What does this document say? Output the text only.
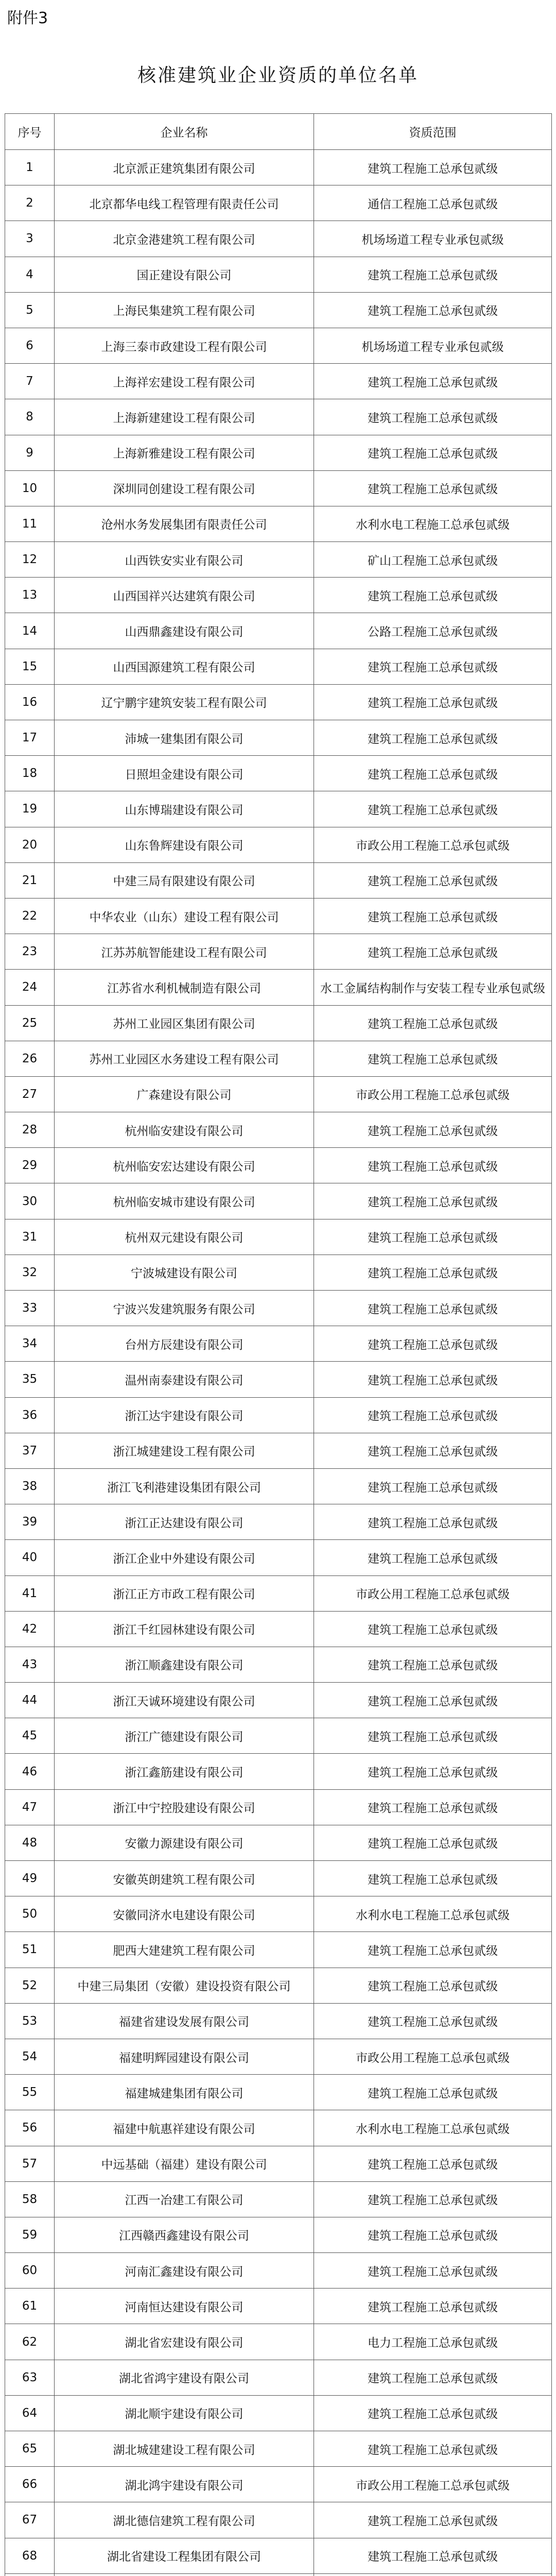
附件3
核准建筑业企业资质的单位名单
序号	企业名称	资质范围
1	北京派正建筑集团有限公司	建筑工程施工总承包贰级
2	北京都华电线工程管理有限责任公司	通信工程施工总承包贰级
3	北京金港建筑工程有限公司	机场场道工程专业承包贰级
4	国正建设有限公司	建筑工程施工总承包贰级
5	上海民集建筑工程有限公司	建筑工程施工总承包贰级
6	上海三泰市政建设工程有限公司	机场场道工程专业承包贰级
7	上海祥宏建设工程有限公司	建筑工程施工总承包贰级
8	上海新建建设工程有限公司	建筑工程施工总承包贰级
9	上海新雅建设工程有限公司	建筑工程施工总承包贰级
10	深圳同创建设工程有限公司	建筑工程施工总承包贰级
11	沧州水务发展集团有限责任公司	水利水电工程施工总承包贰级
12	山西铁安实业有限公司	矿山工程施工总承包贰级
13	山西国祥兴达建筑有限公司	建筑工程施工总承包贰级
14	山西鼎鑫建设有限公司	公路工程施工总承包贰级
15	山西国源建筑工程有限公司	建筑工程施工总承包贰级
16	辽宁鹏宇建筑安装工程有限公司	建筑工程施工总承包贰级
17	沛城一建集团有限公司	建筑工程施工总承包贰级
18	日照坦金建设有限公司	建筑工程施工总承包贰级
19	山东博瑞建设有限公司	建筑工程施工总承包贰级
20	山东鲁辉建设有限公司	市政公用工程施工总承包贰级
21	中建三局有限建设有限公司	建筑工程施工总承包贰级
22	中华农业（山东）建设工程有限公司	建筑工程施工总承包贰级
23	江苏苏航智能建设工程有限公司	建筑工程施工总承包贰级
24	江苏省水利机械制造有限公司	水工金属结构制作与安装工程专业承包贰级
25	苏州工业园区集团有限公司	建筑工程施工总承包贰级
26	苏州工业园区水务建设工程有限公司	建筑工程施工总承包贰级
27	广森建设有限公司	市政公用工程施工总承包贰级
28	杭州临安建设有限公司	建筑工程施工总承包贰级
29	杭州临安宏达建设有限公司	建筑工程施工总承包贰级
30	杭州临安城市建设有限公司	建筑工程施工总承包贰级
31	杭州双元建设有限公司	建筑工程施工总承包贰级
32	宁波城建设有限公司	建筑工程施工总承包贰级
33	宁波兴发建筑服务有限公司	建筑工程施工总承包贰级
34	台州方辰建设有限公司	建筑工程施工总承包贰级
35	温州南泰建设有限公司	建筑工程施工总承包贰级
36	浙江达宇建设有限公司	建筑工程施工总承包贰级
37	浙江城建建设工程有限公司	建筑工程施工总承包贰级
38	浙江飞利港建设集团有限公司	建筑工程施工总承包贰级
39	浙江正达建设有限公司	建筑工程施工总承包贰级
40	浙江企业中外建设有限公司	建筑工程施工总承包贰级
41	浙江正方市政工程有限公司	市政公用工程施工总承包贰级
42	浙江千红园林建设有限公司	建筑工程施工总承包贰级
43	浙江顺鑫建设有限公司	建筑工程施工总承包贰级
44	浙江天诚环境建设有限公司	建筑工程施工总承包贰级
45	浙江广德建设有限公司	建筑工程施工总承包贰级
46	浙江鑫筋建设有限公司	建筑工程施工总承包贰级
47	浙江中宁控股建设有限公司	建筑工程施工总承包贰级
48	安徽力源建设有限公司	建筑工程施工总承包贰级
49	安徽英朗建筑工程有限公司	建筑工程施工总承包贰级
50	安徽同济水电建设有限公司	水利水电工程施工总承包贰级
51	肥西大建建筑工程有限公司	建筑工程施工总承包贰级
52	中建三局集团（安徽）建设投资有限公司	建筑工程施工总承包贰级
53	福建省建设发展有限公司	建筑工程施工总承包贰级
54	福建明辉园建设有限公司	市政公用工程施工总承包贰级
55	福建城建集团有限公司	建筑工程施工总承包贰级
56	福建中航惠祥建设有限公司	水利水电工程施工总承包贰级
57	中远基础（福建）建设有限公司	建筑工程施工总承包贰级
58	江西一冶建工有限公司	建筑工程施工总承包贰级
59	江西赣西鑫建设有限公司	建筑工程施工总承包贰级
60	河南汇鑫建设有限公司	建筑工程施工总承包贰级
61	河南恒达建设有限公司	建筑工程施工总承包贰级
62	湖北省宏建设有限公司	电力工程施工总承包贰级
63	湖北省鸿宇建设有限公司	建筑工程施工总承包贰级
64	湖北顺宇建设有限公司	建筑工程施工总承包贰级
65	湖北城建建设工程有限公司	建筑工程施工总承包贰级
66	湖北鸿宇建设有限公司	市政公用工程施工总承包贰级
67	湖北德信建筑工程有限公司	建筑工程施工总承包贰级
68	湖北省建设工程集团有限公司	建筑工程施工总承包贰级
